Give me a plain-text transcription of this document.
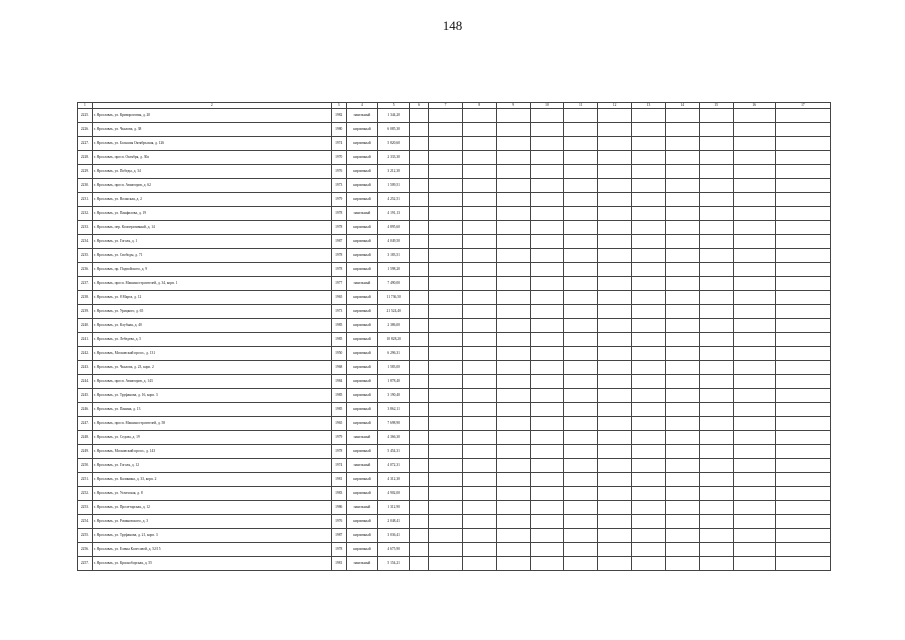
148
1	2	3	4	5	6	7	8	9	10	11	12	13	14	15	16	17
2225.	г. Ярославль, ул. Кривороговая, д. 20	1982	панельный	1 344,20												
2226.	г. Ярославль, ул. Чкалова, д. 38	1980	кирпичный	6 085,30												
2227.	г. Ярославль, ул. Большая Октябрьская, д. 126	1974	кирпичный	5 820,60												
2228.	г. Ярославль, просп. Октября, д. 30а	1970	кирпичный	2 333,30												
2229.	г. Ярославль, ул. Победы, д. 34	1976	кирпичный	3 212,30												
2230.	г. Ярославль, просп. Авиаторов, д. 62	1973	кирпичный	1 509,51												
2231.	г. Ярославль, ул. Волжская, д. 2	1979	кирпичный	4 252,51												
2232.	г. Ярославль, ул. Панфилова, д. 19	1978	панельный	4 191,13												
2233.	г. Ярославль, пер. Кооперативный, д. 14	1978	кирпичный	4 895,60												
2234.	г. Ярославль, ул. Гоголя, д. 1	1987	кирпичный	4 049,50												
2235.	г. Ярославль, ул. Свободы, д. 71	1978	кирпичный	3 183,51												
2236.	г. Ярославль, пр. Подвойского, д. 9	1978	кирпичный	1 598,20												
2237.	г. Ярославль, просп. Машиностроителей, д. 34, корп. 1	1977	панельный	7 490,00												
2238.	г. Ярославль, ул. 8 Марта, д. 12	1965	кирпичный	11 736,50												
2239.	г. Ярославль, ул. Урицкого, д. 65	1973	кирпичный	21 524,40												
2240.	г. Ярославль, ул. Клубная, д. 40	1985	кирпичный	2 386,00												
2241.	г. Ярославль, ул. Лебедева, д. 5	1985	кирпичный	10 828,20												
2242.	г. Ярославль, Московский просп., д. 131	1950	кирпичный	6 296,31												
2243.	г. Ярославль, ул. Чкалова, д. 23, корп. 2	1968	кирпичный	1 583,00												
2244.	г. Ярославль, просп. Авиаторов, д. 143	1984	кирпичный	1 878,40												
2245.	г. Ярославль, ул. Труфанова, д. 16, корп. 3	1985	кирпичный	3 190,40												
2246.	г. Ярославль, ул. Панина, д. 13	1985	кирпичный	3 862,11												
2247.	г. Ярославль, просп. Машиностроителей, д. 58	1965	кирпичный	7 698,90												
2248.	г. Ярославль, ул. Седова, д. 19	1979	панельный	4 366,30												
2249.	г. Ярославль, Московский просп., д. 143	1978	кирпичный	5 454,31												
2250.	г. Ярославль, ул. Гоголя, д. 12	1974	панельный	4 072,31												
2251.	г. Ярославль, ул. Калинина, д. 33, корп. 2	1981	кирпичный	4 312,30												
2252.	г. Ярославль, ул. Угличская, д. 8	1983	кирпичный	4 902,00												
2253.	г. Ярославль, ул. Пролетарская, д. 12	1986	панельный	1 312,90												
2254.	г. Ярославль, ул. Романовского, д. 3	1976	кирпичный	2 048,41												
2255.	г. Ярославль, ул. Труфанова, д. 21, корп. 3	1987	кирпичный	3 036,41												
2256.	г. Ярославль, ул. Елены Колесовой, д. 52/15	1978	кирпичный	4 675,90												
2257.	г. Ярославль, ул. Красноборская, д. 55	1981	панельный	5 154,21												
